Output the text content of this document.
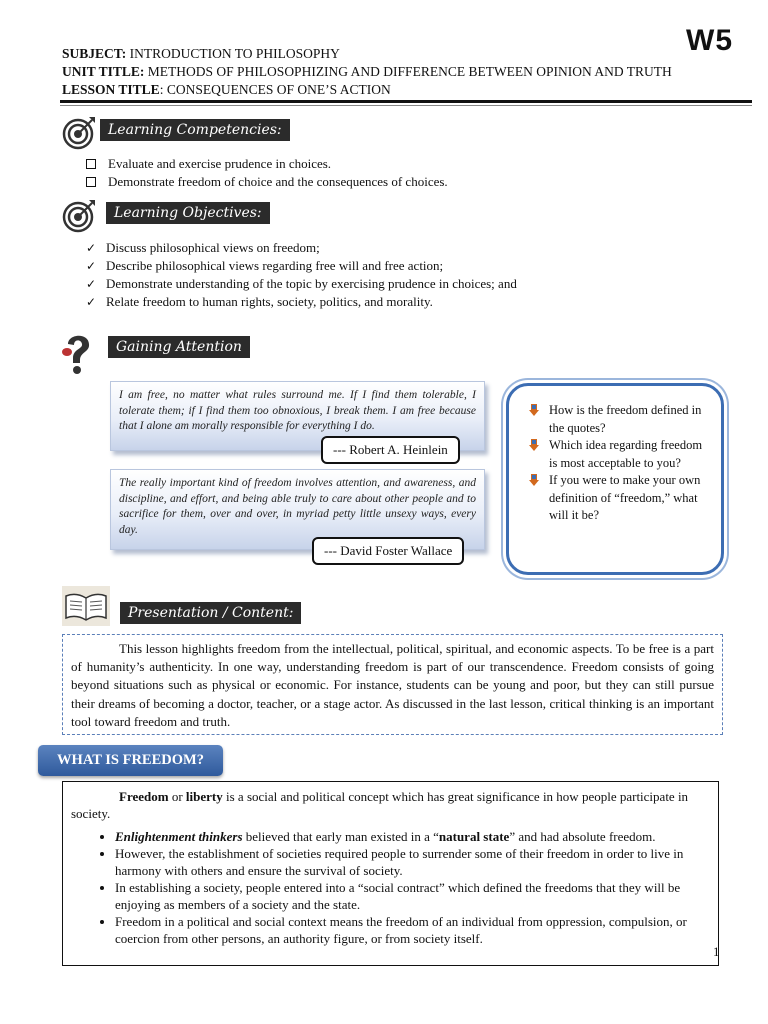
W5
SUBJECT: INTRODUCTION TO PHILOSOPHY
UNIT TITLE: METHODS OF PHILOSOPHIZING AND DIFFERENCE BETWEEN OPINION AND TRUTH
LESSON TITLE: CONSEQUENCES OF ONE’S ACTION
Learning Competencies:
Evaluate and exercise prudence in choices.
Demonstrate freedom of choice and the consequences of choices.
Learning Objectives:
✓ Discuss philosophical views on freedom;
✓ Describe philosophical views regarding free will and free action;
✓ Demonstrate understanding of the topic by exercising prudence in choices; and
✓ Relate freedom to human rights, society, politics, and morality.
Gaining Attention
I am free, no matter what rules surround me. If I find them tolerable, I tolerate them; if I find them too obnoxious, I break them. I am free because that I alone am morally responsible for everything I do.
--- Robert A. Heinlein
The really important kind of freedom involves attention, and awareness, and discipline, and effort, and being able truly to care about other people and to sacrifice for them, over and over, in myriad petty little unsexy ways, every day.
--- David Foster Wallace
How is the freedom defined in the quotes?
Which idea regarding freedom is most acceptable to you?
If you were to make your own definition of “freedom,” what will it be?
Presentation / Content:
This lesson highlights freedom from the intellectual, political, spiritual, and economic aspects. To be free is a part of humanity’s authenticity. In one way, understanding freedom is part of our transcendence. Freedom consists of going beyond situations such as physical or economic. For instance, students can be young and poor, but they can still pursue their dreams of becoming a doctor, teacher, or a stage actor. As discussed in the last lesson, critical thinking is an important tool toward freedom and truth.
WHAT IS FREEDOM?
Freedom or liberty is a social and political concept which has great significance in how people participate in society.
• Enlightenment thinkers believed that early man existed in a “natural state” and had absolute freedom.
• However, the establishment of societies required people to surrender some of their freedom in order to live in harmony with others and ensure the survival of society.
• In establishing a society, people entered into a “social contract” which defined the freedoms that they will be enjoying as members of a society and the state.
• Freedom in a political and social context means the freedom of an individual from oppression, compulsion, or coercion from other persons, an authority figure, or from society itself.
1
